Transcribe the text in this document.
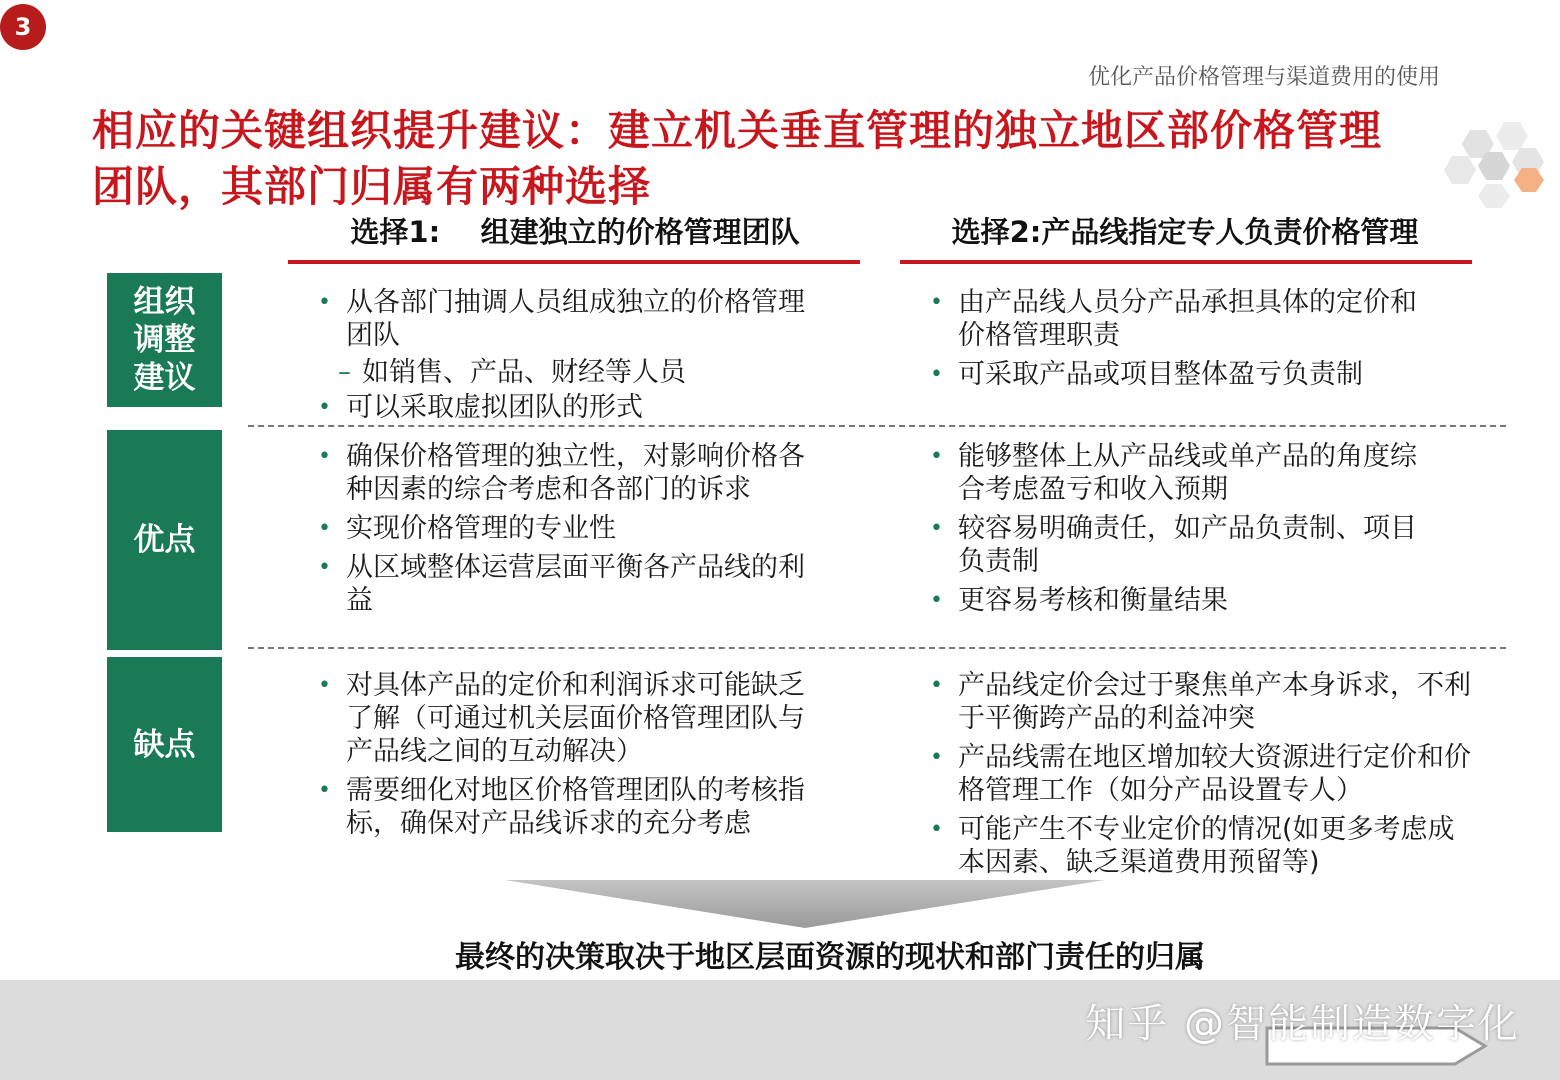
3
优化产品价格管理与渠道费用的使用
相应的关键组织提升建议：建立机关垂直管理的独立地区部价格管理团队，其部门归属有两种选择
选择1:    组建独立的价格管理团队	选择2:产品线指定专人负责价格管理
组织调整建议
优点
缺点
• 从各部门抽调人员组成独立的价格管理团队
– 如销售、产品、财经等人员
• 可以采取虚拟团队的形式
• 由产品线人员分产品承担具体的定价和价格管理职责
• 可采取产品或项目整体盈亏负责制
• 确保价格管理的独立性，对影响价格各种因素的综合考虑和各部门的诉求
• 实现价格管理的专业性
• 从区域整体运营层面平衡各产品线的利益
• 能够整体上从产品线或单产品的角度综合考虑盈亏和收入预期
• 较容易明确责任，如产品负责制、项目负责制
• 更容易考核和衡量结果
• 对具体产品的定价和利润诉求可能缺乏了解（可通过机关层面价格管理团队与产品线之间的互动解决）
• 需要细化对地区价格管理团队的考核指标，确保对产品线诉求的充分考虑
• 产品线定价会过于聚焦单产本身诉求，不利于平衡跨产品的利益冲突
• 产品线需在地区增加较大资源进行定价和价格管理工作（如分产品设置专人）
• 可能产生不专业定价的情况(如更多考虑成本因素、缺乏渠道费用预留等)
最终的决策取决于地区层面资源的现状和部门责任的归属
知乎 @智能制造数字化
